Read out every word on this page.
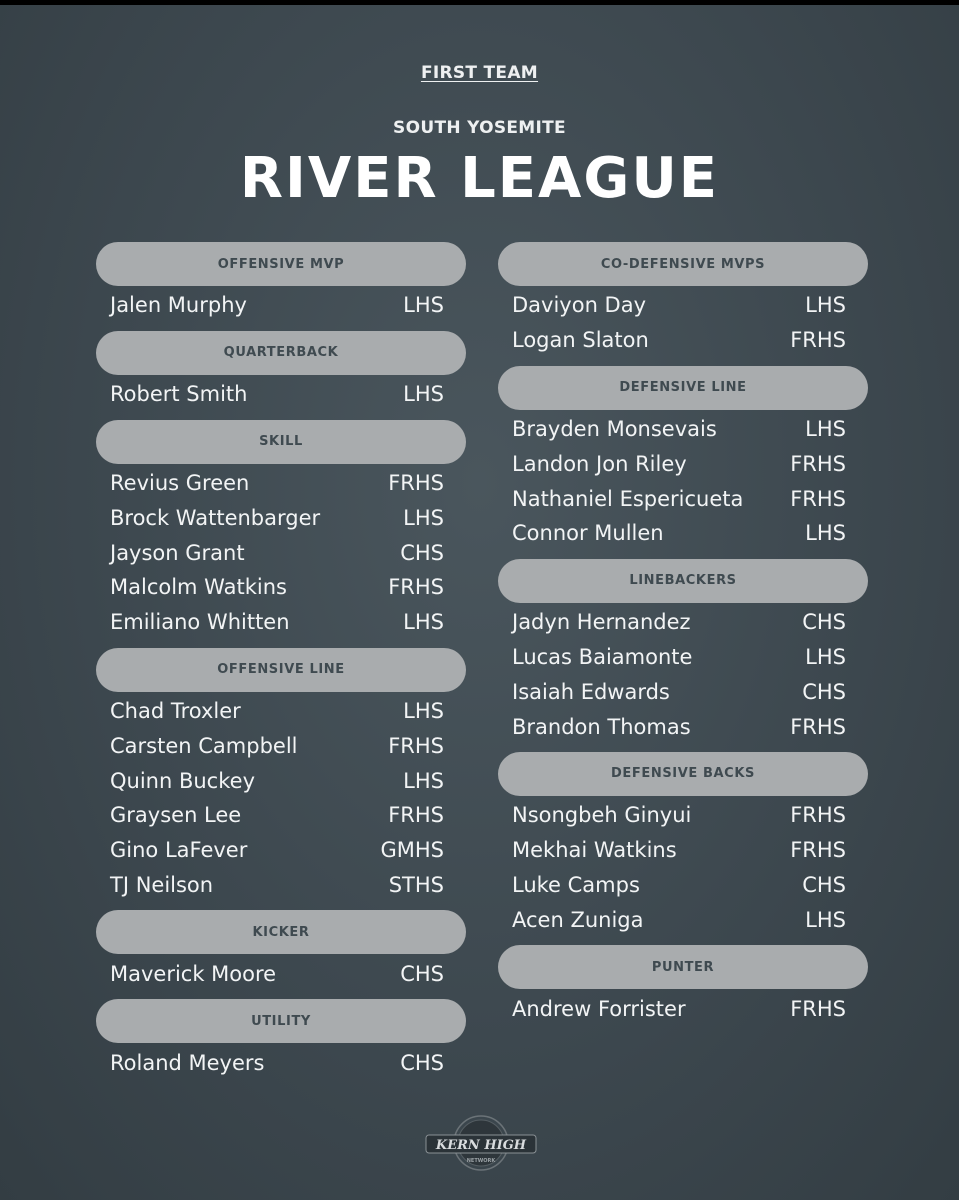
FIRST TEAM
SOUTH YOSEMITE
RIVER LEAGUE
OFFENSIVE MVP
Jalen Murphy	LHS
QUARTERBACK
Robert Smith	LHS
SKILL
Revius Green	FRHS
Brock Wattenbarger	LHS
Jayson Grant	CHS
Malcolm Watkins	FRHS
Emiliano Whitten	LHS
OFFENSIVE LINE
Chad Troxler	LHS
Carsten Campbell	FRHS
Quinn Buckey	LHS
Graysen Lee	FRHS
Gino LaFever	GMHS
TJ Neilson	STHS
KICKER
Maverick Moore	CHS
UTILITY
Roland Meyers	CHS
CO-DEFENSIVE MVPS
Daviyon Day	LHS
Logan Slaton	FRHS
DEFENSIVE LINE
Brayden Monsevais	LHS
Landon Jon Riley	FRHS
Nathaniel Espericueta FRHS
Connor Mullen	LHS
LINEBACKERS
Jadyn Hernandez	CHS
Lucas Baiamonte	LHS
Isaiah Edwards	CHS
Brandon Thomas	FRHS
DEFENSIVE BACKS
Nsongbeh Ginyui	FRHS
Mekhai Watkins	FRHS
Luke Camps	CHS
Acen Zuniga	LHS
PUNTER
Andrew Forrister	FRHS
KERN HIGH
NETWORK
